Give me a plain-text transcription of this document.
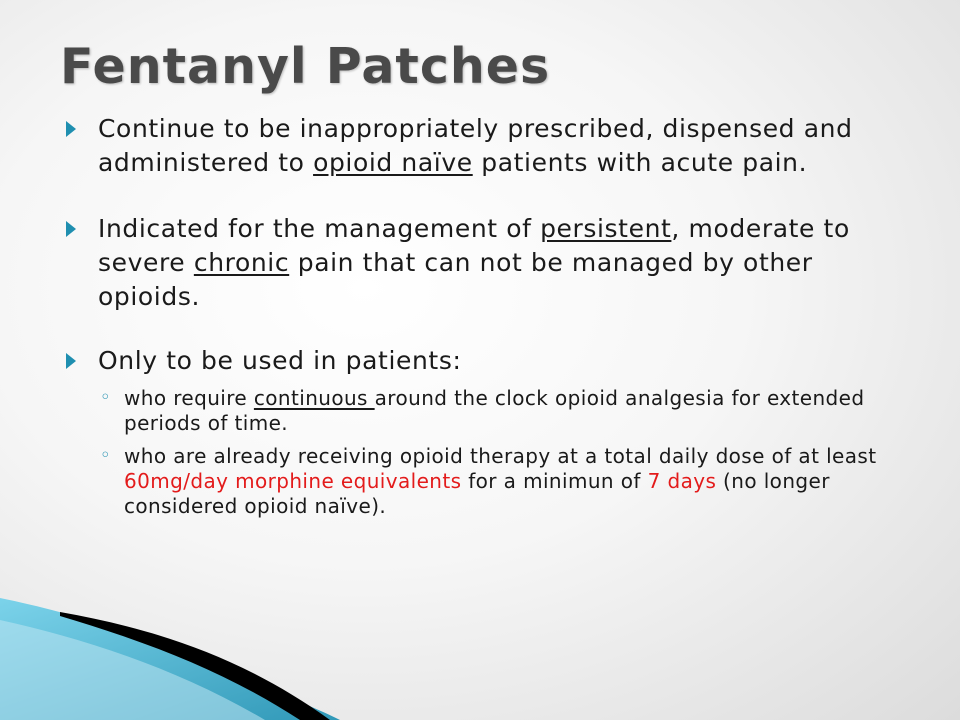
Fentanyl Patches
Continue to be inappropriately prescribed, dispensed and administered to opioid naïve patients with acute pain.
Indicated for the management of persistent, moderate to severe chronic pain that can not be managed by other opioids.
Only to be used in patients:
◦ who require continuous around the clock opioid analgesia for extended periods of time.
◦ who are already receiving opioid therapy at a total daily dose of at least 60mg/day morphine equivalents for a minimun of 7 days (no longer considered opioid naïve).
